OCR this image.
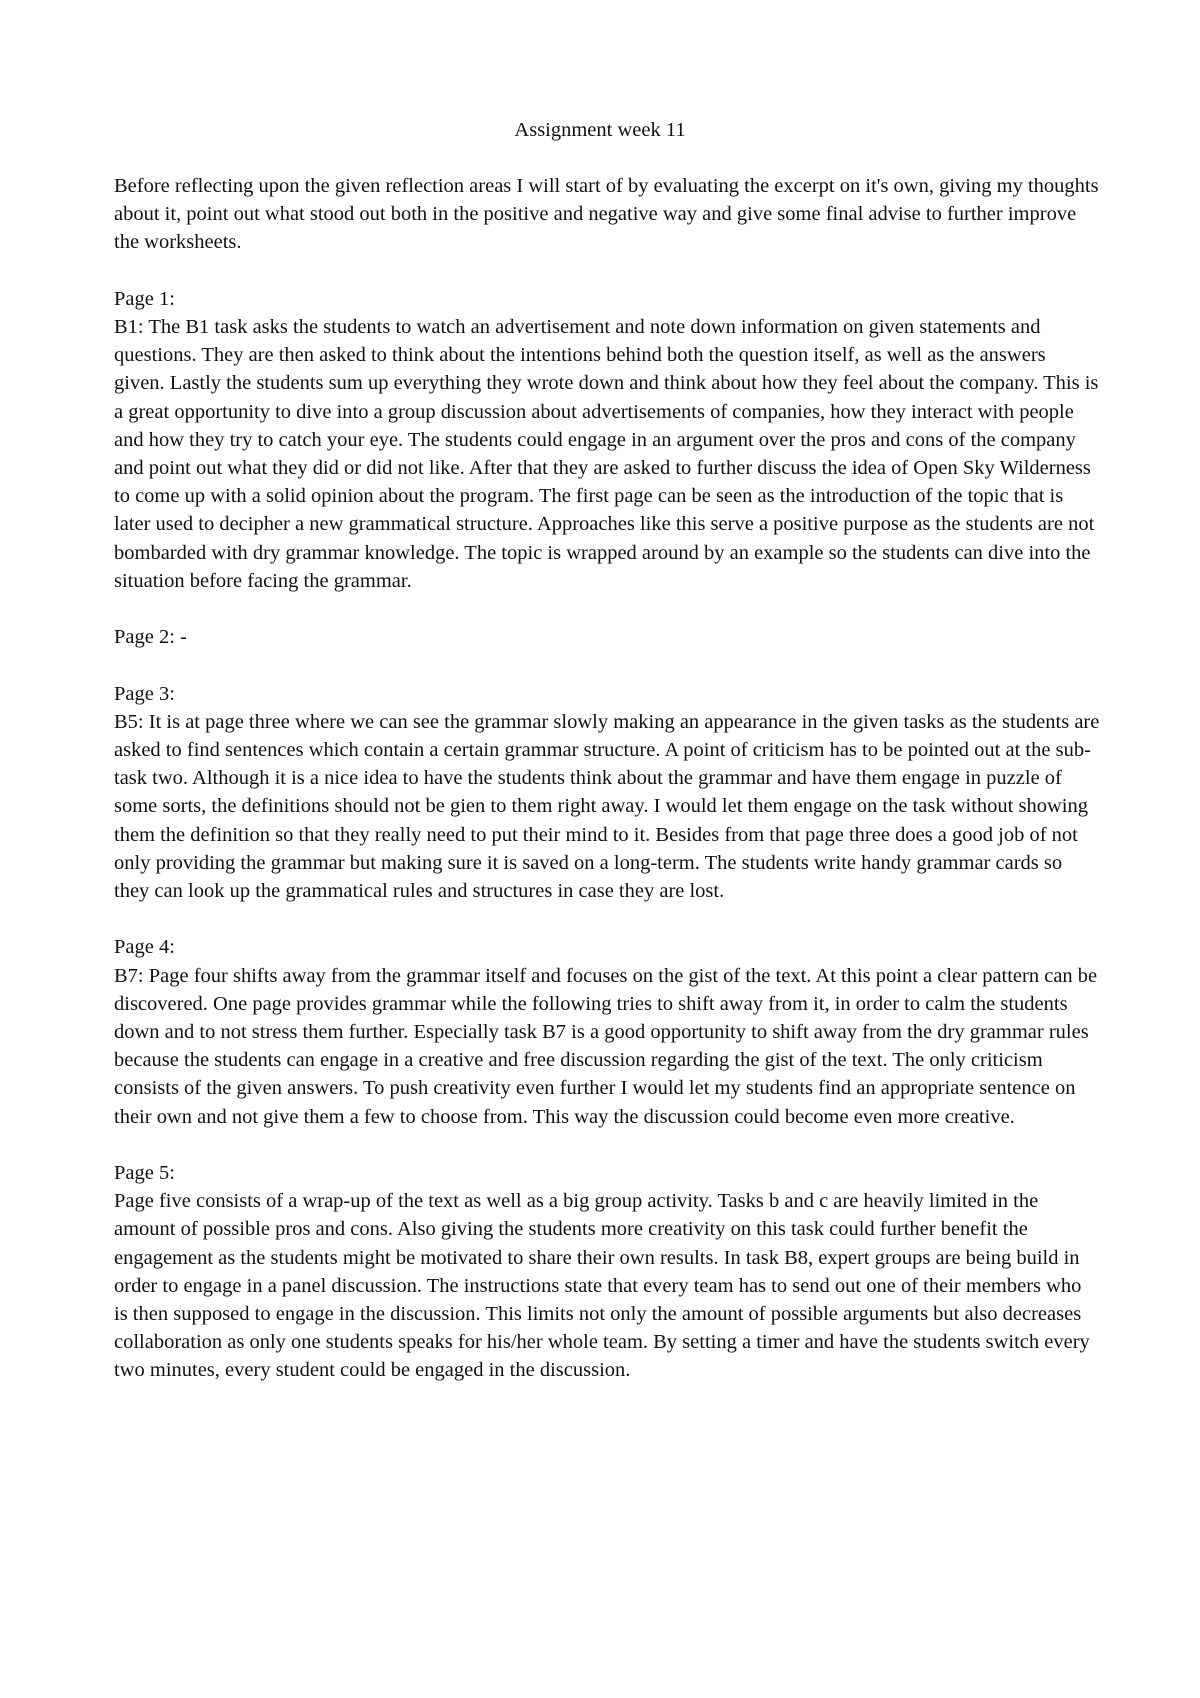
Assignment week 11

Before reflecting upon the given reflection areas I will start of by evaluating the excerpt on it's own, giving my thoughts about it, point out what stood out both in the positive and negative way and give some final advise to further improve the worksheets.

Page 1:
B1: The B1 task asks the students to watch an advertisement and note down information on given statements and questions. They are then asked to think about the intentions behind both the question itself, as well as the answers given. Lastly the students sum up everything they wrote down and think about how they feel about the company. This is a great opportunity to dive into a group discussion about advertisements of companies, how they interact with people and how they try to catch your eye. The students could engage in an argument over the pros and cons of the company and point out what they did or did not like. After that they are asked to further discuss the idea of Open Sky Wilderness to come up with a solid opinion about the program. The first page can be seen as the introduction of the topic that is later used to decipher a new grammatical structure. Approaches like this serve a positive purpose as the students are not bombarded with dry grammar knowledge. The topic is wrapped around by an example so the students can dive into the situation before facing the grammar.
Page 2: -
Page 3:
B5: It is at page three where we can see the grammar slowly making an appearance in the given tasks as the students are asked to find sentences which contain a certain grammar structure. A point of criticism has to be pointed out at the sub-task two. Although it is a nice idea to have the students think about the grammar and have them engage in puzzle of some sorts, the definitions should not be gien to them right away. I would let them engage on the task without showing them the definition so that they really need to put their mind to it. Besides from that page three does a good job of not only providing the grammar but making sure it is saved on a long-term. The students write handy grammar cards so they can look up the grammatical rules and structures in case they are lost.
Page 4:
B7: Page four shifts away from the grammar itself and focuses on the gist of the text. At this point a clear pattern can be discovered. One page provides grammar while the following tries to shift away from it, in order to calm the students down and to not stress them further. Especially task B7 is a good opportunity to shift away from the dry grammar rules because the students can engage in a creative and free discussion regarding the gist of the text. The only criticism consists of the given answers. To push creativity even further I would let my students find an appropriate sentence on their own and not give them a few to choose from. This way the discussion could become even more creative.
Page 5:
Page five consists of a wrap-up of the text as well as a big group activity. Tasks b and c are heavily limited in the amount of possible pros and cons. Also giving the students more creativity on this task could further benefit the engagement as the students might be motivated to share their own results. In task B8, expert groups are being build in order to engage in a panel discussion. The instructions state that every team has to send out one of their members who is then supposed to engage in the discussion. This limits not only the amount of possible arguments but also decreases collaboration as only one students speaks for his/her whole team. By setting a timer and have the students switch every two minutes, every student could be engaged in the discussion.
